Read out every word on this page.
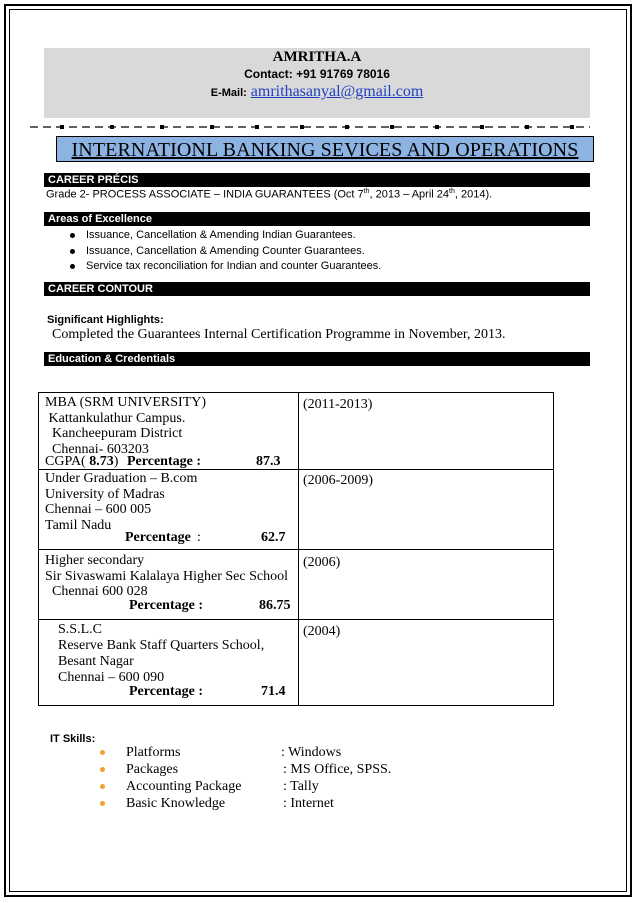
AMRITHA.A
Contact: +91 91769 78016
E-Mail: amrithasanyal@gmail.com
INTERNATIONL BANKING SEVICES AND OPERATIONS
CAREER PRÉCIS
Grade 2- PROCESS ASSOCIATE – INDIA GUARANTEES (Oct 7th, 2013 – April 24th, 2014).
Areas of Excellence
Issuance, Cancellation & Amending Indian Guarantees.
Issuance, Cancellation & Amending Counter Guarantees.
Service tax reconciliation for Indian and counter Guarantees.
CAREER CONTOUR
Significant Highlights:
Completed the Guarantees Internal Certification Programme in November, 2013.
Education & Credentials
MBA (SRM UNIVERSITY)
Kattankulathur Campus.
Kancheepuram District
Chennai- 603203
CGPA( 8.73) Percentage :	87.3
(2011-2013)
Under Graduation – B.com
University of Madras
Chennai – 600 005
Tamil Nadu
Percentage :	62.7
(2006-2009)
Higher secondary
Sir Sivaswami Kalalaya Higher Sec School
Chennai 600 028
Percentage :	86.75
(2006)
S.S.L.C
Reserve Bank Staff Quarters School,
Besant Nagar
Chennai – 600 090
Percentage :	71.4
(2004)
IT Skills:
Platforms	: Windows
Packages	: MS Office, SPSS.
Accounting Package	: Tally
Basic Knowledge	: Internet
